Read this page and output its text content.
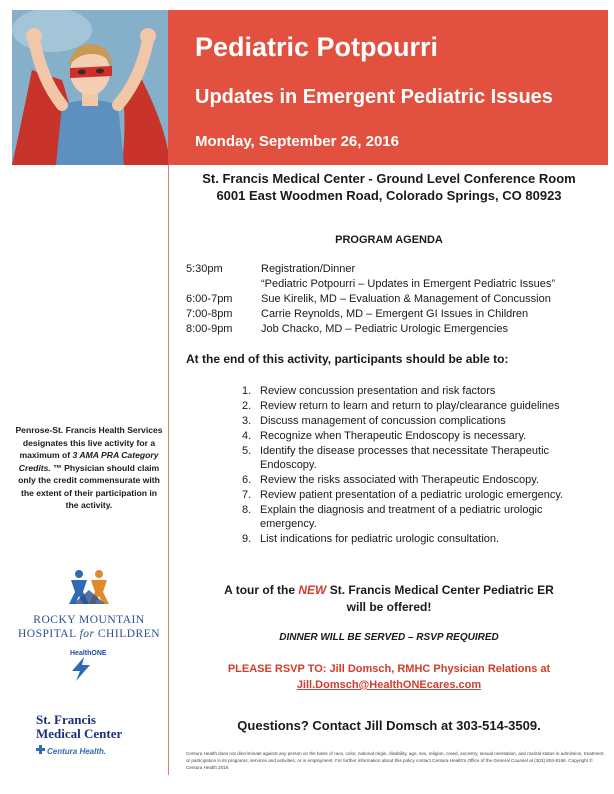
Pediatric Potpourri
Updates in Emergent Pediatric Issues
Monday, September 26, 2016
St. Francis Medical Center - Ground Level Conference Room
6001 East Woodmen Road, Colorado Springs, CO 80923
PROGRAM AGENDA
5:30pm	Registration/Dinner
“Pediatric Potpourri – Updates in Emergent Pediatric Issues”
6:00-7pm	Sue Kirelik, MD – Evaluation & Management of Concussion
7:00-8pm	Carrie Reynolds, MD – Emergent GI Issues in Children
8:00-9pm	Job Chacko, MD – Pediatric Urologic Emergencies
At the end of this activity, participants should be able to:
1. Review concussion presentation and risk factors
2. Review return to learn and return to play/clearance guidelines
3. Discuss management of concussion complications
4. Recognize when Therapeutic Endoscopy is necessary.
5. Identify the disease processes that necessitate Therapeutic Endoscopy.
6. Review the risks associated with Therapeutic Endoscopy.
7. Review patient presentation of a pediatric urologic emergency.
8. Explain the diagnosis and treatment of a pediatric urologic emergency.
9. List indications for pediatric urologic consultation.
A tour of the NEW St. Francis Medical Center Pediatric ER
will be offered!
DINNER WILL BE SERVED – RSVP REQUIRED
PLEASE RSVP TO: Jill Domsch, RMHC Physician Relations at
Jill.Domsch@HealthONEcares.com
Questions? Contact Jill Domsch at 303-514-3509.
Centura Health does not discriminate against any person on the basis of race, color, national origin, disability, age, sex, religion, creed, ancestry, sexual orientation, and marital status in admission, treatment, or participation in its programs, services and activities, or in employment. For further information about this policy contact Centura Health's Office of the General Counsel at (303) 804-8166. Copyright © Centura Health 2016
Penrose-St. Francis Health Services designates this live activity for a maximum of 3 AMA PRA Category Credits. ™ Physician should claim only the credit commensurate with the extent of their participation in the activity.
ROCKY MOUNTAIN
HOSPITAL for CHILDREN
HealthONE
St. Francis
Medical Center
Centura Health.
